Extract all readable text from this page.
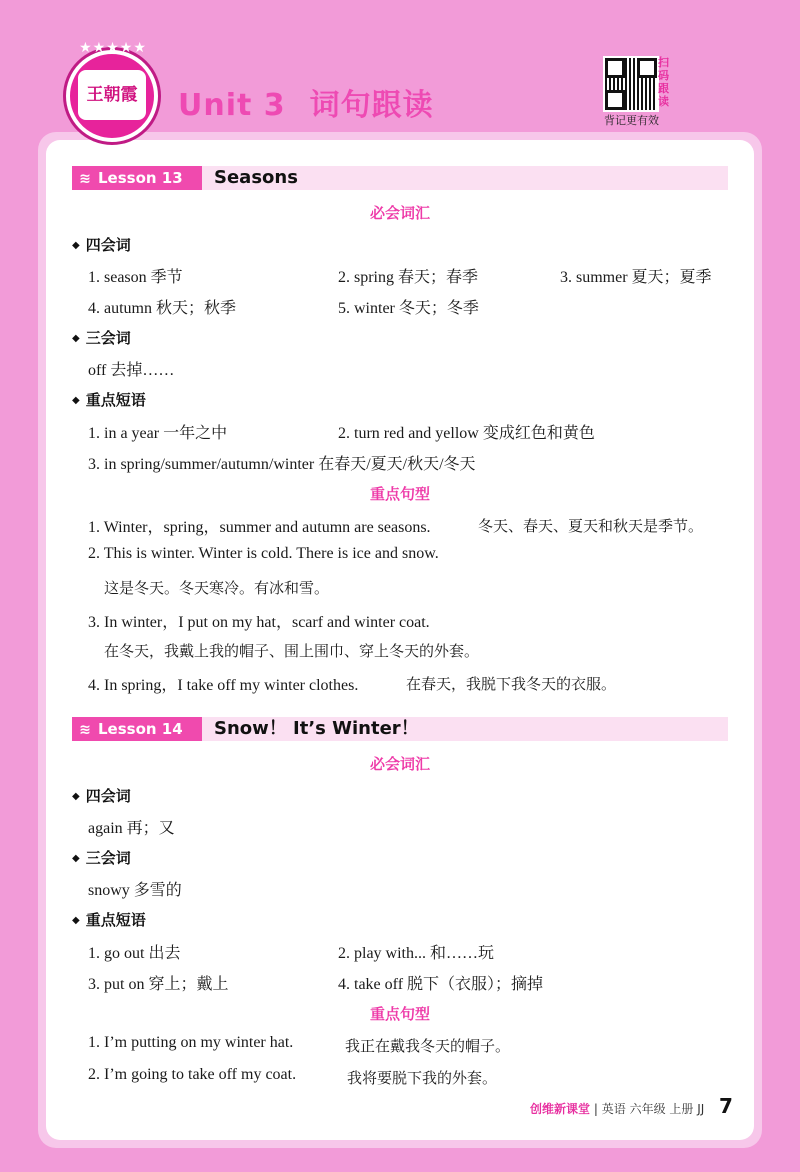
★★★★★
王朝霞 Unit 3 词句跟读
扫码跟读
背记更有效
≋ Lesson 13	Seasons
必会词汇
◆ 四会词
1. season 季节	2. spring 春天；春季	3. summer 夏天；夏季
4. autumn 秋天；秋季	5. winter 冬天；冬季
◆ 三会词
off 去掉……
◆ 重点短语
1. in a year 一年之中	2. turn red and yellow 变成红色和黄色
3. in spring/summer/autumn/winter 在春天/夏天/秋天/冬天
重点句型
1. Winter，spring，summer and autumn are seasons.	冬天、春天、夏天和秋天是季节。
2. This is winter. Winter is cold. There is ice and snow.
这是冬天。冬天寒冷。有冰和雪。
3. In winter，I put on my hat，scarf and winter coat.
在冬天，我戴上我的帽子、围上围巾、穿上冬天的外套。
4. In spring，I take off my winter clothes.	在春天，我脱下我冬天的衣服。
≋ Lesson 14	Snow！ It’s Winter！
必会词汇
◆ 四会词
again 再；又
◆ 三会词
snowy 多雪的
◆ 重点短语
1. go out 出去	2. play with... 和……玩
3. put on 穿上；戴上	4. take off 脱下（衣服）；摘掉
重点句型
1. I’m putting on my winter hat.	我正在戴我冬天的帽子。
2. I’m going to take off my coat.	我将要脱下我的外套。
创维新课堂 | 英语 六年级 上册 JJ 7
